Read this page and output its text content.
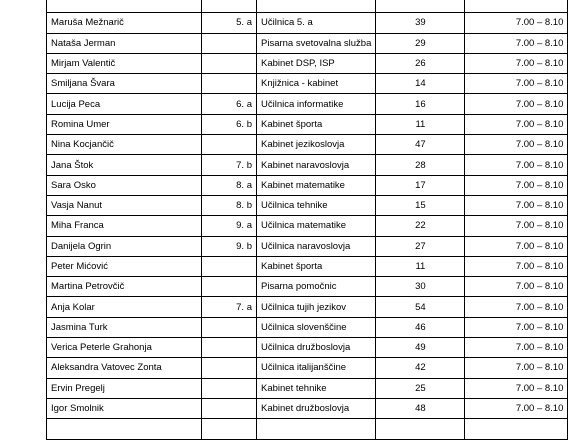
Maruša Mežnarič	5. a	Učilnica 5. a	39	7.00 – 8.10
Nataša Jerman		Pisarna svetovalna služba	29	7.00 – 8.10
Mirjam Valentič		Kabinet DSP, ISP	26	7.00 – 8.10
Smiljana Švara		Knjižnica - kabinet	14	7.00 – 8.10
Lucija Peca	6. a	Učilnica informatike	16	7.00 – 8.10
Romina Umer	6. b	Kabinet športa	11	7.00 – 8.10
Nina Kocjančič		Kabinet jezikoslovja	47	7.00 – 8.10
Jana Štok	7. b	Kabinet naravoslovja	28	7.00 – 8.10
Sara Osko	8. a	Kabinet matematike	17	7.00 – 8.10
Vasja Nanut	8. b	Učilnica tehnike	15	7.00 – 8.10
Miha Franca	9. a	Učilnica matematike	22	7.00 – 8.10
Danijela Ogrin	9. b	Učilnica naravoslovja	27	7.00 – 8.10
Peter Mićović		Kabinet športa	11	7.00 – 8.10
Martina Petrovčič		Pisarna pomočnic	30	7.00 – 8.10
Anja Kolar	7. a	Učilnica tujih jezikov	54	7.00 – 8.10
Jasmina Turk		Učilnica slovenščine	46	7.00 – 8.10
Verica Peterle Grahonja		Učilnica družboslovja	49	7.00 – 8.10
Aleksandra Vatovec Zonta		Učilnica italijanščine	42	7.00 – 8.10
Ervin Pregelj		Kabinet tehnike	25	7.00 – 8.10
Igor Smolnik		Kabinet družboslovja	48	7.00 – 8.10
